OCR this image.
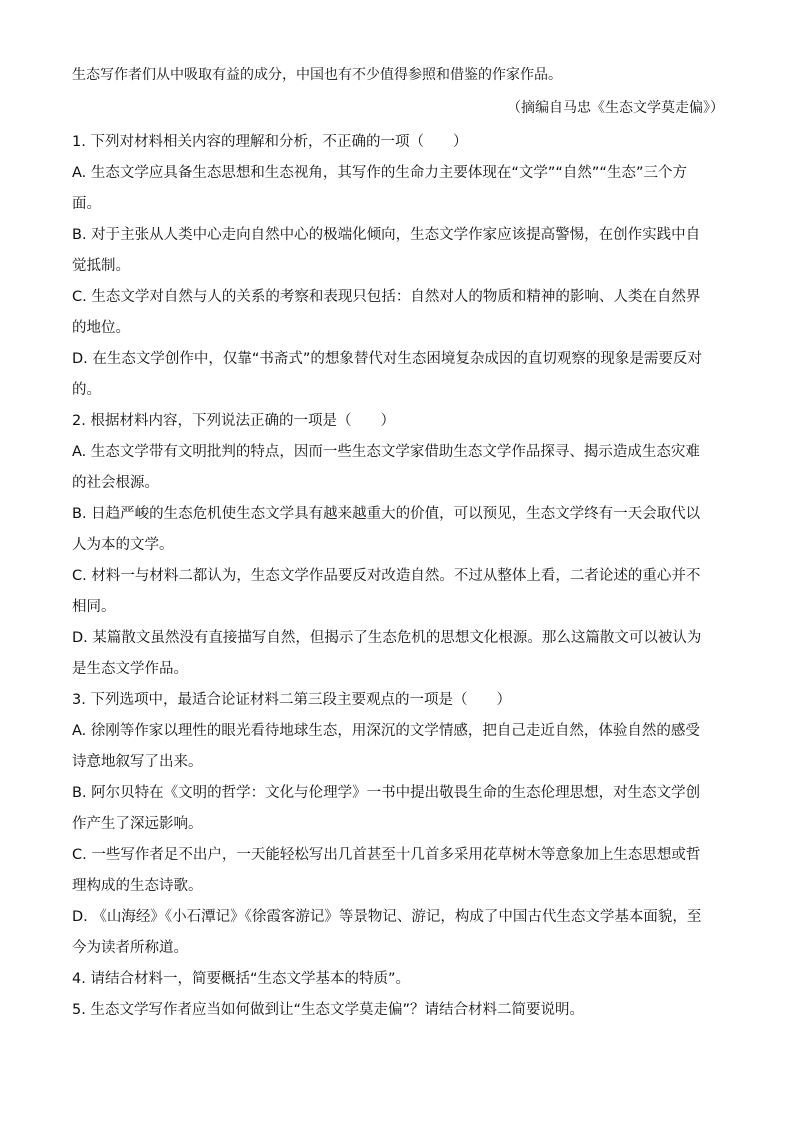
生态写作者们从中吸取有益的成分，中国也有不少值得参照和借鉴的作家作品。

（摘编自马忠《生态文学莫走偏》）

1. 下列对材料相关内容的理解和分析，不正确的一项（　　）

A. 生态文学应具备生态思想和生态视角，其写作的生命力主要体现在“文学”“自然”“生态”三个方面。

B. 对于主张从人类中心走向自然中心的极端化倾向，生态文学作家应该提高警惕，在创作实践中自觉抵制。

C. 生态文学对自然与人的关系的考察和表现只包括：自然对人的物质和精神的影响、人类在自然界的地位。

D. 在生态文学创作中，仅靠“书斋式”的想象替代对生态困境复杂成因的直切观察的现象是需要反对的。

2. 根据材料内容，下列说法正确的一项是（　　）

A. 生态文学带有文明批判的特点，因而一些生态文学家借助生态文学作品探寻、揭示造成生态灾难的社会根源。

B. 日趋严峻的生态危机使生态文学具有越来越重大的价值，可以预见，生态文学终有一天会取代以人为本的文学。

C. 材料一与材料二都认为，生态文学作品要反对改造自然。不过从整体上看，二者论述的重心并不相同。

D. 某篇散文虽然没有直接描写自然，但揭示了生态危机的思想文化根源。那么这篇散文可以被认为是生态文学作品。

3. 下列选项中，最适合论证材料二第三段主要观点的一项是（　　）

A. 徐刚等作家以理性的眼光看待地球生态，用深沉的文学情感，把自己走近自然，体验自然的感受诗意地叙写了出来。

B. 阿尔贝特在《文明的哲学：文化与伦理学》一书中提出敬畏生命的生态伦理思想，对生态文学创作产生了深远影响。

C. 一些写作者足不出户，一天能轻松写出几首甚至十几首多采用花草树木等意象加上生态思想或哲理构成的生态诗歌。

D. 《山海经》《小石潭记》《徐霞客游记》等景物记、游记，构成了中国古代生态文学基本面貌，至今为读者所称道。

4. 请结合材料一，简要概括“生态文学基本的特质”。

5. 生态文学写作者应当如何做到让“生态文学莫走偏”？请结合材料二简要说明。
